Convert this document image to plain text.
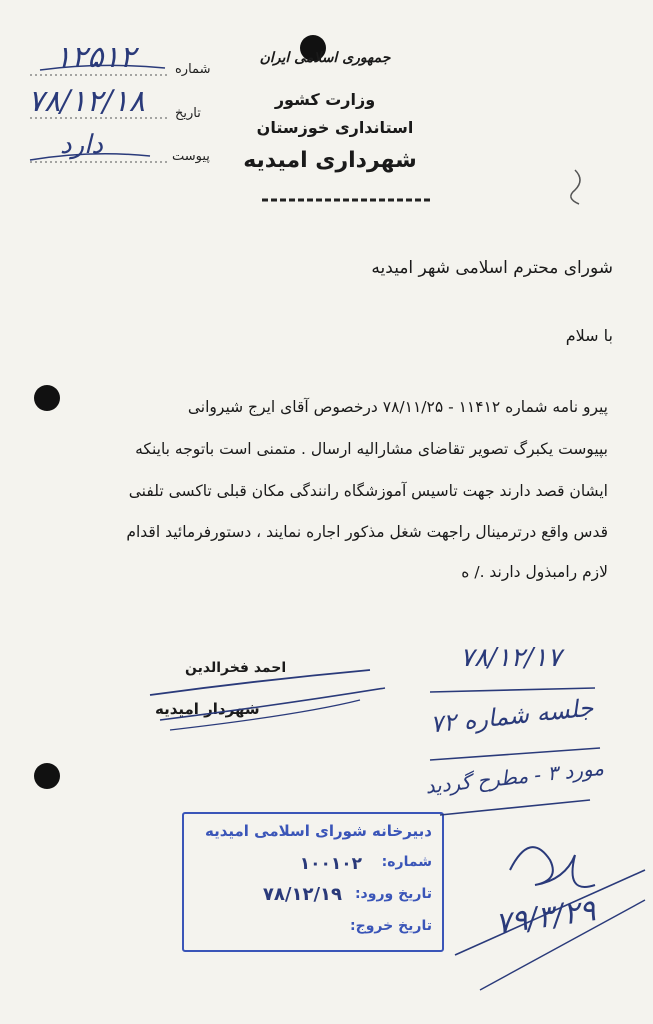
جمهوری اسلامی ایران
وزارت کشور
استانداری خوزستان
شهرداری امیدیه
شماره
تاریخ
پیوست
۱۲۵۱۲
۷۸/۱۲/۱۸
دارد
شورای محترم اسلامی شهر امیدیه
با سلام
پیرو نامه شماره ۱۱۴۱۲ - ۷۸/۱۱/۲۵ درخصوص آقای ایرج شیروانی
بپیوست یکبرگ تصویر تقاضای مشارالیه ارسال . متمنی است باتوجه باینکه
ایشان قصد دارند جهت تاسیس آموزشگاه رانندگی مکان قبلی تاکسی تلفنی
قدس واقع درترمینال راجهت شغل مذکور اجاره نمایند ، دستورفرمائید اقدام
لازم رامبذول دارند ./ ه
احمد فخرالدین
شهردار امیدیه
۷۸/۱۲/۱۷
جلسه شماره ۷۲
مورد ۳ - مطرح گردید
۷۹/۳/۲۹
دبیرخانه شورای اسلامی امیدیه
شماره:
۱۰۰۱۰۲
تاریخ ورود:
۷۸/۱۲/۱۹
تاریخ خروج:
